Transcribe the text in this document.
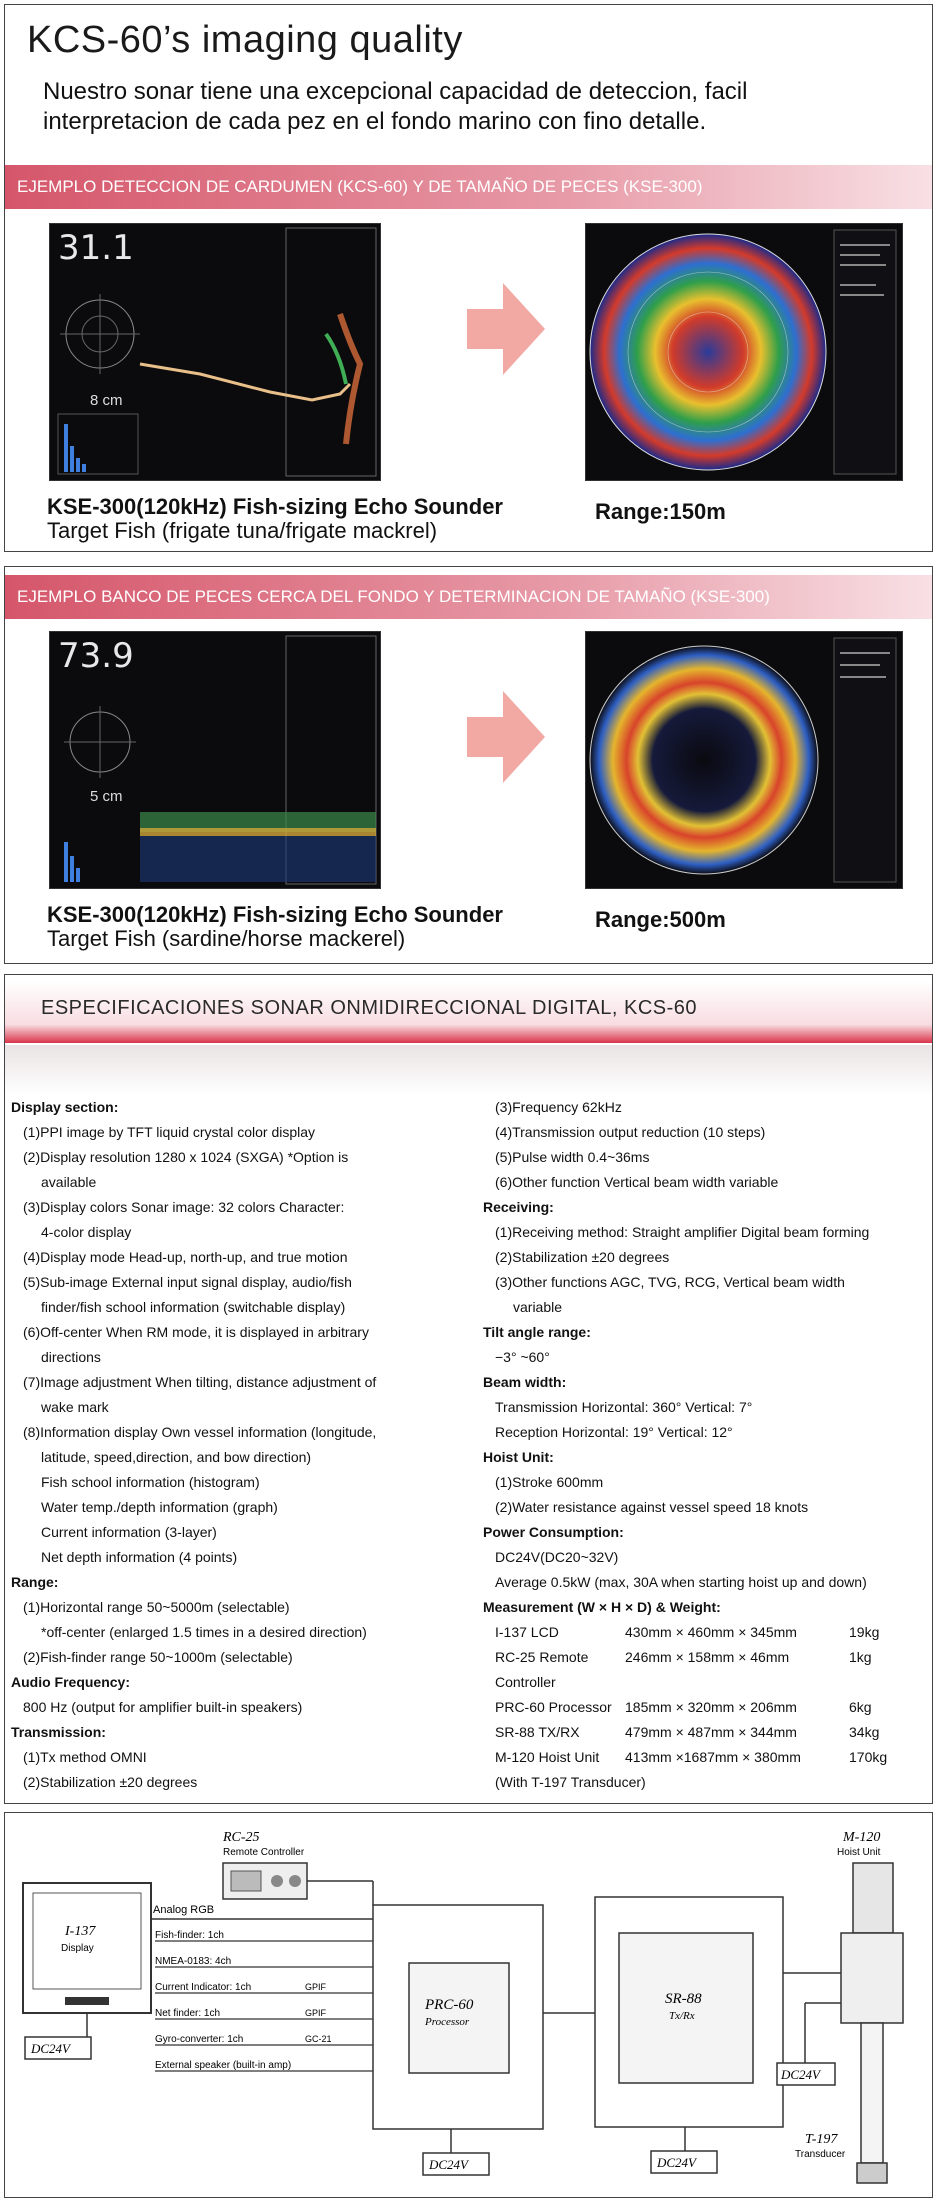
KCS-60’s imaging quality
Nuestro sonar tiene una excepcional capacidad de deteccion, facil
interpretacion de cada pez en el fondo marino con fino detalle.
EJEMPLO DETECCION DE CARDUMEN (KCS-60) Y DE TAMAÑO DE PECES (KSE-300)
31.1
8 cm
KSE-300(120kHz) Fish-sizing Echo Sounder
Target Fish (frigate tuna/frigate mackrel)
Range:150m
EJEMPLO BANCO DE PECES CERCA DEL FONDO Y DETERMINACION DE TAMAÑO (KSE-300)
73.9
5 cm
KSE-300(120kHz) Fish-sizing Echo Sounder
Target Fish (sardine/horse mackerel)
Range:500m
ESPECIFICACIONES SONAR ONMIDIRECCIONAL DIGITAL, KCS-60
Display section:
(1)PPI image by TFT liquid crystal color display
(2)Display resolution 1280 x 1024 (SXGA) *Option is
available
(3)Display colors Sonar image: 32 colors Character:
4-color display
(4)Display mode Head-up, north-up, and true motion
(5)Sub-image External input signal display, audio/fish
finder/fish school information (switchable display)
(6)Off-center When RM mode, it is displayed in arbitrary
directions
(7)Image adjustment When tilting, distance adjustment of
wake mark
(8)Information display Own vessel information (longitude,
latitude, speed,direction, and bow direction)
Fish school information (histogram)
Water temp./depth information (graph)
Current information (3-layer)
Net depth information (4 points)
Range:
(1)Horizontal range 50~5000m (selectable)
*off-center (enlarged 1.5 times in a desired direction)
(2)Fish-finder range 50~1000m (selectable)
Audio Frequency:
800 Hz (output for amplifier built-in speakers)
Transmission:
(1)Tx method OMNI
(2)Stabilization ±20 degrees
(3)Frequency 62kHz
(4)Transmission output reduction (10 steps)
(5)Pulse width 0.4~36ms
(6)Other function Vertical beam width variable
Receiving:
(1)Receiving method: Straight amplifier Digital beam forming
(2)Stabilization ±20 degrees
(3)Other functions AGC, TVG, RCG, Vertical beam width
variable
Tilt angle range:
−3° ~60°
Beam width:
Transmission Horizontal: 360° Vertical: 7°
Reception Horizontal: 19° Vertical: 12°
Hoist Unit:
(1)Stroke 600mm
(2)Water resistance against vessel speed 18 knots
Power Consumption:
DC24V(DC20~32V)
Average 0.5kW (max, 30A when starting hoist up and down)
Measurement (W × H × D) & Weight:
I-137 LCD	430mm × 460mm × 345mm	19kg
RC-25 Remote Controller
246mm × 158mm × 46mm	1kg
PRC-60 Processor 185mm × 320mm × 206mm	6kg
SR-88 TX/RX	479mm × 487mm × 344mm	34kg
M-120 Hoist Unit	413mm ×1687mm × 380mm	170kg
(With T-197 Transducer)
I-137
Display
DC24V
RC-25
Remote Controller
Analog RGB
Fish-finder: 1ch
NMEA-0183: 4ch
Current Indicator: 1ch	GPIF
Net finder: 1ch	GPIF
Gyro-converter: 1ch	GC-21
External speaker (built-in amp)
PRC-60
Processor
DC24V
SR-88
Tx/Rx
DC24V
M-120
Hoist Unit
DC24V
T-197
Transducer
